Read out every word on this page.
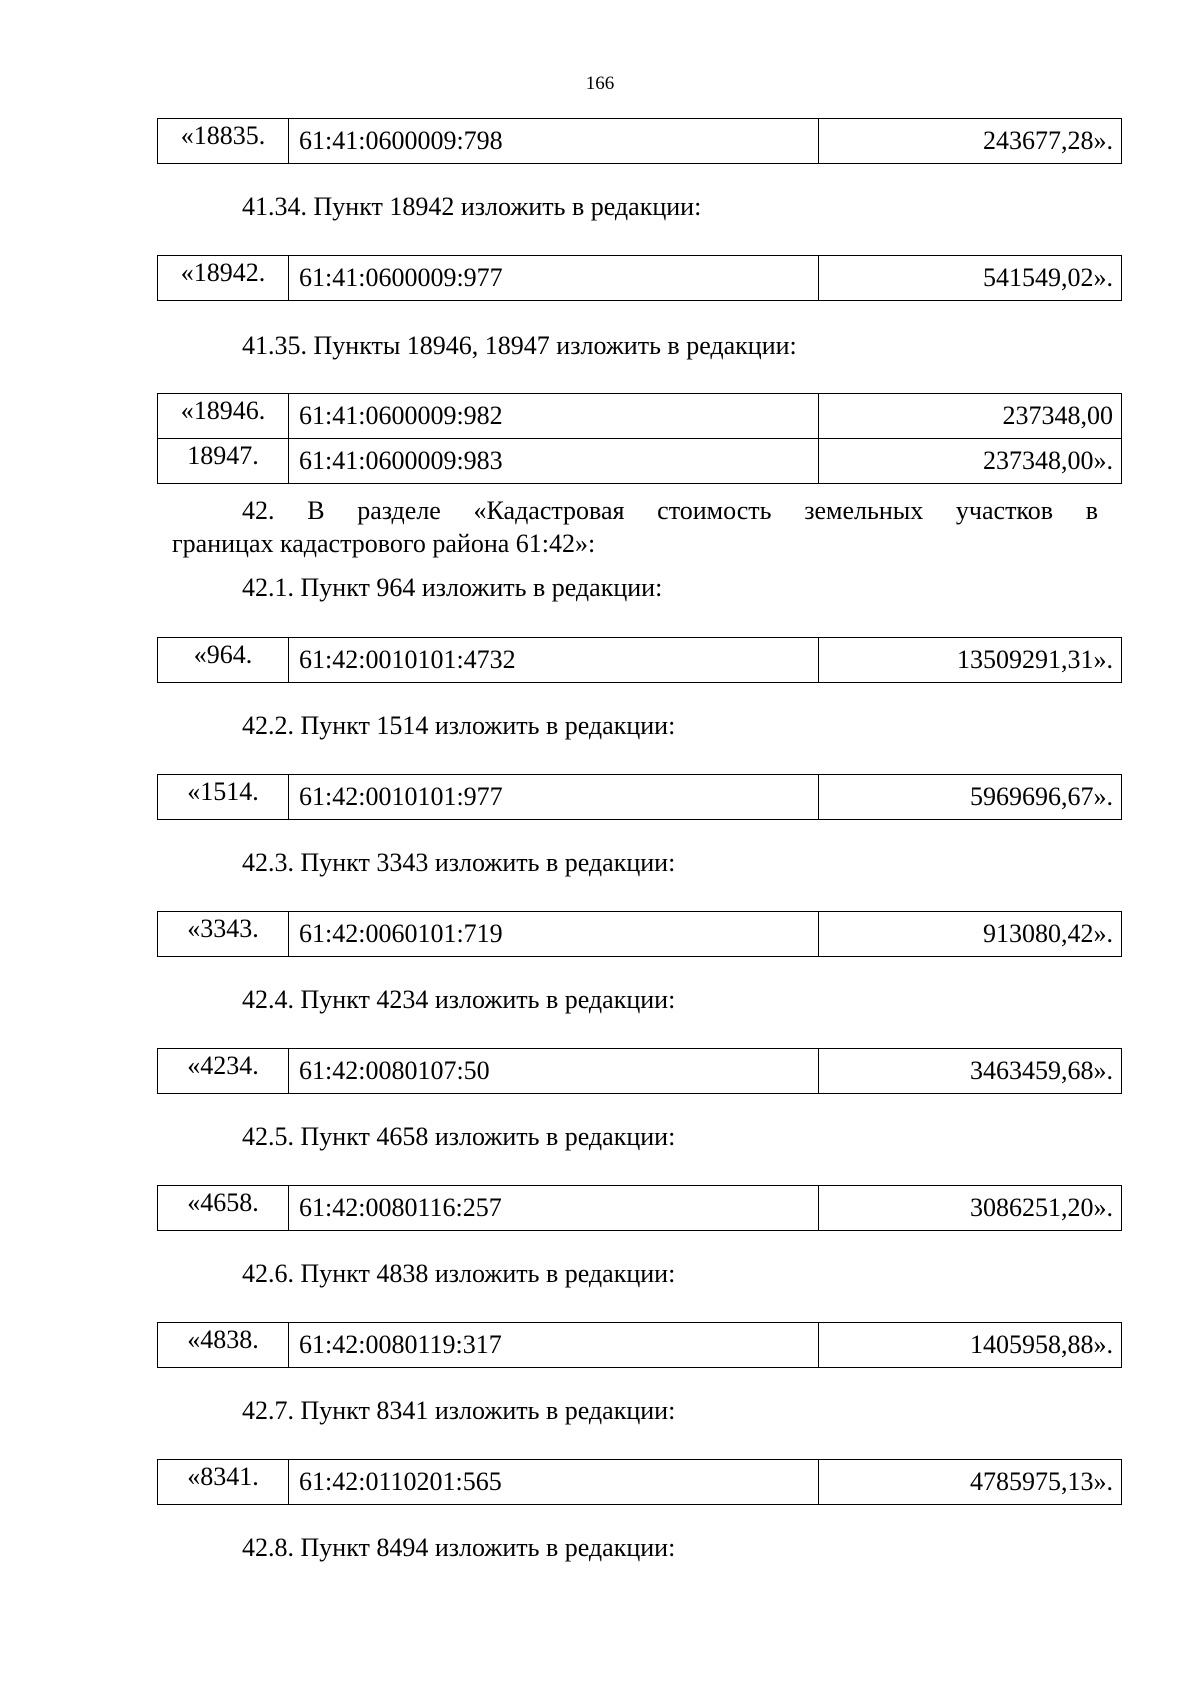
166
«18835.	61:41:0600009:798	243677,28».
41.34. Пункт 18942 изложить в редакции:
«18942.	61:41:0600009:977	541549,02».
41.35. Пункты 18946, 18947 изложить в редакции:
«18946.	61:41:0600009:982	237348,00
18947.	61:41:0600009:983	237348,00».
42. В разделе «Кадастровая стоимость земельных участков в
границах кадастрового района 61:42»:
42.1. Пункт 964 изложить в редакции:
«964.	61:42:0010101:4732	13509291,31».
42.2. Пункт 1514 изложить в редакции:
«1514.	61:42:0010101:977	5969696,67».
42.3. Пункт 3343 изложить в редакции:
«3343.	61:42:0060101:719	913080,42».
42.4. Пункт 4234 изложить в редакции:
«4234.	61:42:0080107:50	3463459,68».
42.5. Пункт 4658 изложить в редакции:
«4658.	61:42:0080116:257	3086251,20».
42.6. Пункт 4838 изложить в редакции:
«4838.	61:42:0080119:317	1405958,88».
42.7. Пункт 8341 изложить в редакции:
«8341.	61:42:0110201:565	4785975,13».
42.8. Пункт 8494 изложить в редакции:
